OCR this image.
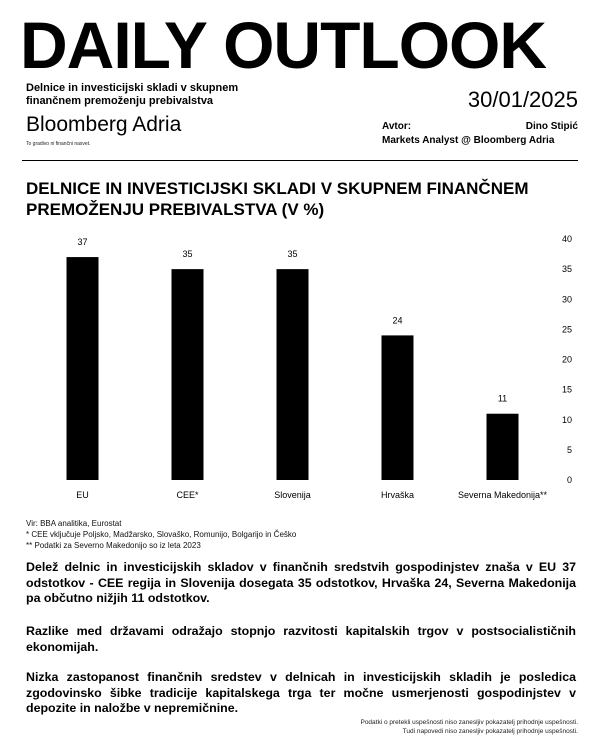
DAILY OUTLOOK
Delnice in investicijski skladi v skupnem finančnem premoženju prebivalstva	30/01/2025
Bloomberg Adria
To gradivo ni finančni nasvet.
Avtor:	Dino Stipić
Markets Analyst @ Bloomberg Adria
DELNICE IN INVESTICIJSKI SKLADI V SKUPNEM FINANČNEM PREMOŽENJU PREBIVALSTVA (V %)
37
EU
35
CEE*
35
Slovenija
24
Hrvaška
11
Severna Makedonija**
0
5
10
15
20
25
30
35
40
Vir: BBA analitika, Eurostat
* CEE vključuje Poljsko, Madžarsko, Slovaško, Romunijo, Bolgarijo in Češko
** Podatki za Severno Makedonijo so iz leta 2023
Delež delnic in investicijskih skladov v finančnih sredstvih gospodinjstev znaša v EU 37 odstotkov - CEE regija in Slovenija dosegata 35 odstotkov, Hrvaška 24, Severna Makedonija pa občutno nižjih 11 odstotkov.
Razlike med državami odražajo stopnjo razvitosti kapitalskih trgov v postsocialističnih ekonomijah.
Nizka zastopanost finančnih sredstev v delnicah in investicijskih skladih je posledica zgodovinsko šibke tradicije kapitalskega trga ter močne usmerjenosti gospodinjstev v depozite in naložbe v nepremičnine.
Podatki o pretekli uspešnosti niso zanesljiv pokazatelj prihodnje uspešnosti.
Tudi napovedi niso zanesljiv pokazatelj prihodnje uspešnosti.
